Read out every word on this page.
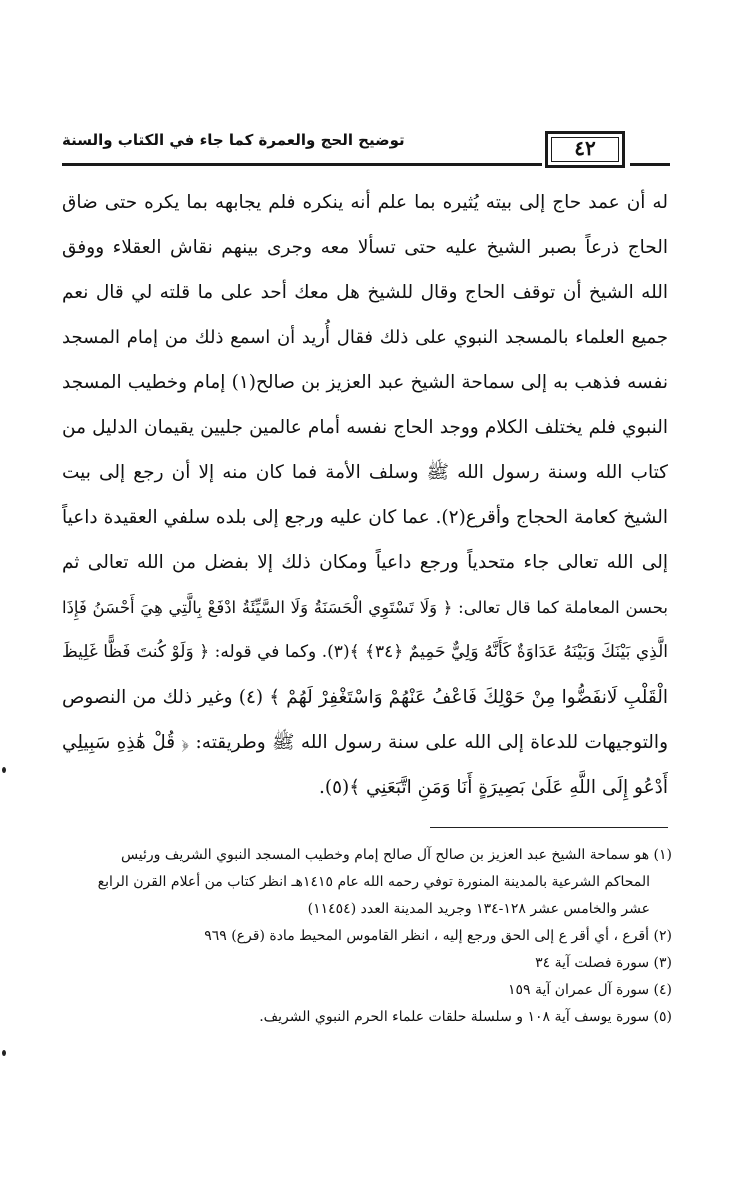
٤٢
توضيح الحج والعمرة كما جاء في الكتاب والسنة
له أن عمد حاج إلى بيته يُثيره بما علم أنه ينكره فلم يجابهه بما يكره حتى ضاق
الحاج ذرعاً بصبر الشيخ عليه حتى تسألا معه وجرى بينهم نقاش العقلاء ووفق
الله الشيخ أن توقف الحاج وقال للشيخ هل معك أحد على ما قلته لي قال نعم
جميع العلماء بالمسجد النبوي على ذلك فقال أُريد أن اسمع ذلك من إمام المسجد
نفسه فذهب به إلى سماحة الشيخ عبد العزيز بن صالح(١) إمام وخطيب المسجد
النبوي فلم يختلف الكلام ووجد الحاج نفسه أمام عالمين جليين يقيمان الدليل من
كتاب الله وسنة رسول الله ﷺ وسلف الأمة فما كان منه إلا أن رجع إلى بيت
الشيخ كعامة الحجاج وأقرع(٢). عما كان عليه ورجع إلى بلده سلفي العقيدة داعياً
إلى الله تعالى جاء متحدياً ورجع داعياً ومكان ذلك إلا بفضل من الله تعالى ثم
بحسن المعاملة كما قال تعالى: ﴿ وَلَا تَسْتَوِي الْحَسَنَةُ وَلَا السَّيِّئَةُ ادْفَعْ بِالَّتِي هِيَ أَحْسَنُ فَإِذَا
الَّذِي بَيْنَكَ وَبَيْنَهُ عَدَاوَةٌ كَأَنَّهُ وَلِيٌّ حَمِيمٌ ﴿٣٤﴾ ﴾(٣). وكما في قوله: ﴿ وَلَوْ كُنتَ فَظًّا غَلِيظَ
الْقَلْبِ لَانفَضُّوا مِنْ حَوْلِكَ فَاعْفُ عَنْهُمْ وَاسْتَغْفِرْ لَهُمْ ﴾ (٤) وغير ذلك من النصوص
والتوجيهات للدعاة إلى الله على سنة رسول الله ﷺ وطريقته: ﴿ قُلْ هَٰذِهِ سَبِيلِي
أَدْعُو إِلَى اللَّهِ عَلَىٰ بَصِيرَةٍ أَنَا وَمَنِ اتَّبَعَنِي ﴾(٥).
(١) هو سماحة الشيخ عبد العزيز بن صالح آل صالح إمام وخطيب المسجد النبوي الشريف ورئيس
المحاكم الشرعية بالمدينة المنورة توفي رحمه الله عام ١٤١٥هـ انظر كتاب من أعلام القرن الرابع
عشر والخامس عشر ١٢٨-١٣٤ وجريد المدينة العدد (١١٤٥٤)
(٢) أقرع ، أي أقر ع إلى الحق ورجع إليه ، انظر القاموس المحيط مادة (قرع) ٩٦٩
(٣) سورة فصلت آية ٣٤
(٤) سورة آل عمران آية ١٥٩
(٥) سورة يوسف آية ١٠٨ و سلسلة حلقات علماء الحرم النبوي الشريف.
